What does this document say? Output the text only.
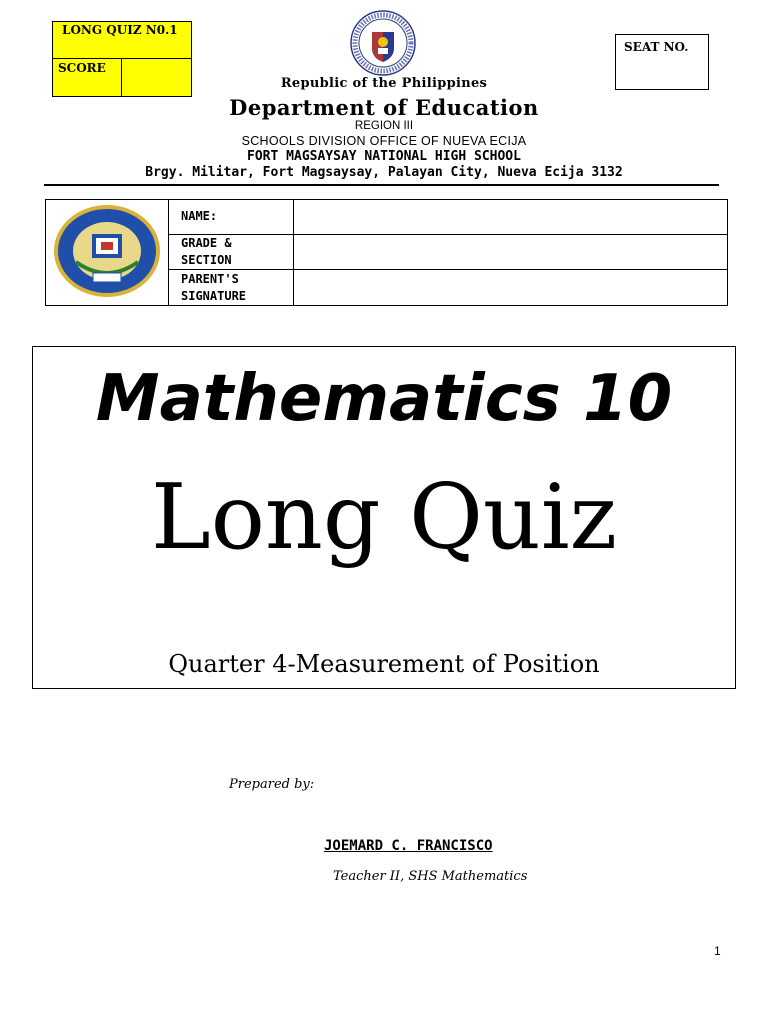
LONG QUIZ N0.1
SCORE
SEAT NO.
Republic of the Philippines
Department of Education
REGION III
SCHOOLS DIVISION OFFICE OF NUEVA ECIJA
FORT MAGSAYSAY NATIONAL HIGH SCHOOL
Brgy. Militar, Fort Magsaysay, Palayan City, Nueva Ecija 3132
	NAME:	

	GRADE &
SECTION	

	PARENT'S
SIGNATURE	

Mathematics 10
Long Quiz
Quarter 4-Measurement of Position
Prepared by:
JOEMARD C. FRANCISCO
Teacher II, SHS Mathematics
1
